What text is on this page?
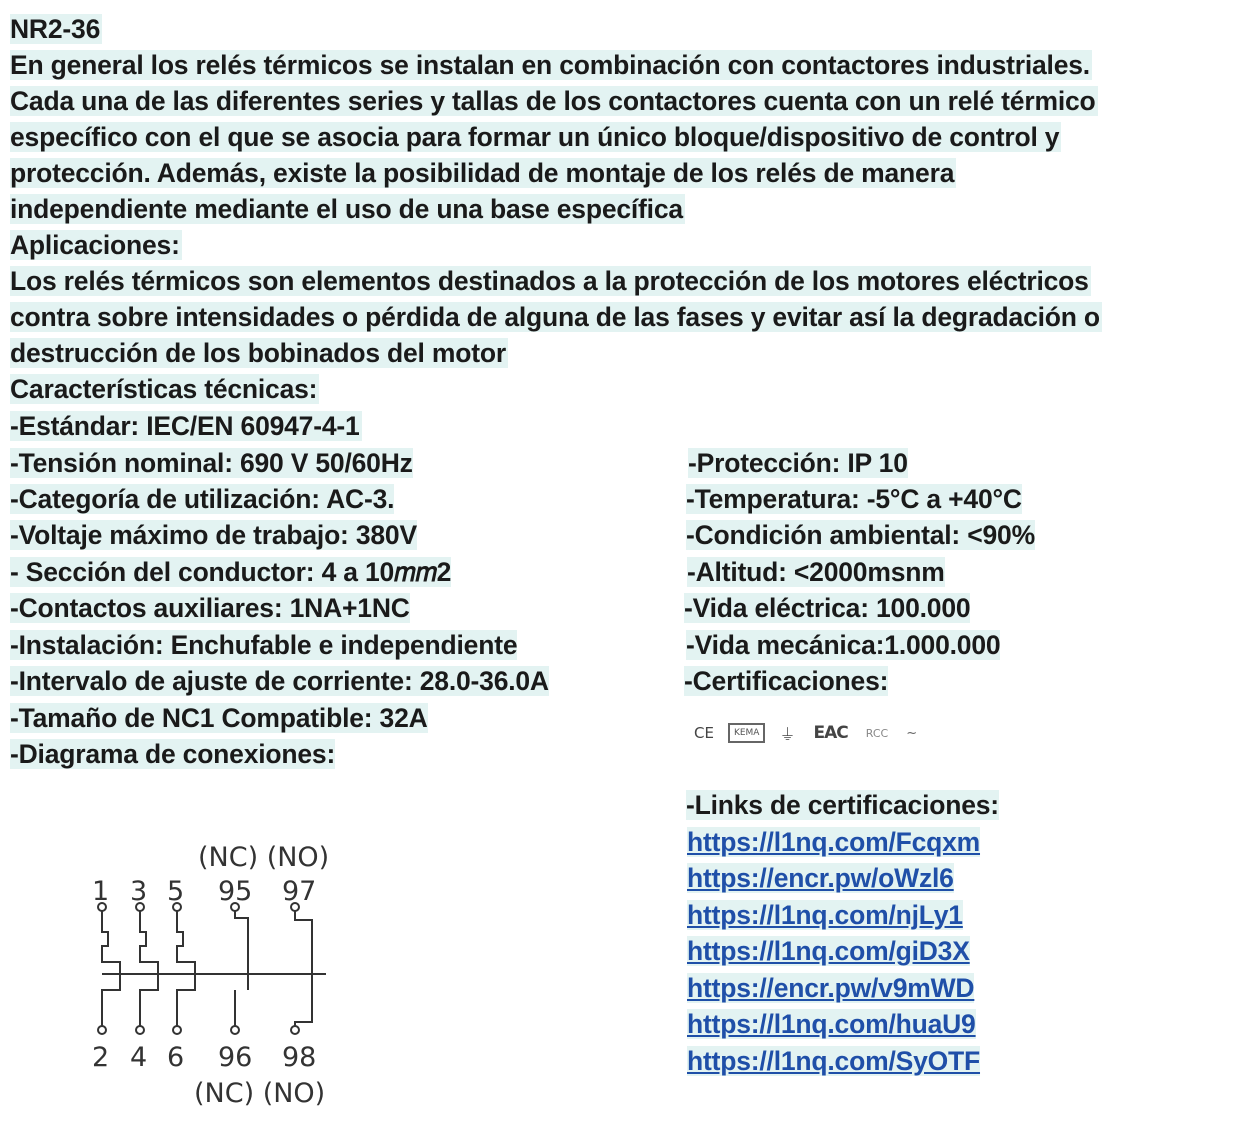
NR2-36
En general los relés térmicos se instalan en combinación con contactores industriales.
Cada una de las diferentes series y tallas de los contactores cuenta con un relé térmico
específico con el que se asocia para formar un único bloque/dispositivo de control y
protección. Además, existe la posibilidad de montaje de los relés de manera
independiente mediante el uso de una base específica
Aplicaciones:
Los relés térmicos son elementos destinados a la protección de los motores eléctricos
contra sobre intensidades o pérdida de alguna de las fases y evitar así la degradación o
destrucción de los bobinados del motor
Características técnicas:
-Estándar: IEC/EN 60947-4-1
-Tensión nominal: 690 V 50/60Hz
-Categoría de utilización: AC-3.
-Voltaje máximo de trabajo: 380V
- Sección del conductor: 4 a 10𝑚𝑚2
-Contactos auxiliares: 1NA+1NC
-Instalación: Enchufable e independiente
-Intervalo de ajuste de corriente: 28.0-36.0A
-Tamaño de NC1 Compatible: 32A
-Diagrama de conexiones:
-Protección: IP 10
-Temperatura: -5°C a +40°C
-Condición ambiental: <90%
-Altitud: <2000msnm
-Vida eléctrica: 100.000
-Vida mecánica:1.000.000
-Certificaciones:
CE	KEMA	⏚ EAC	RCC	~
-Links de certificaciones:
https://l1nq.com/Fcqxm
https://encr.pw/oWzl6
https://l1nq.com/njLy1
https://l1nq.com/giD3X
https://encr.pw/v9mWD
https://l1nq.com/huaU9
https://l1nq.com/SyOTF
(NC) (NO)
1 3 5 95 97
2 4 6 96 98
(NC) (NO)
